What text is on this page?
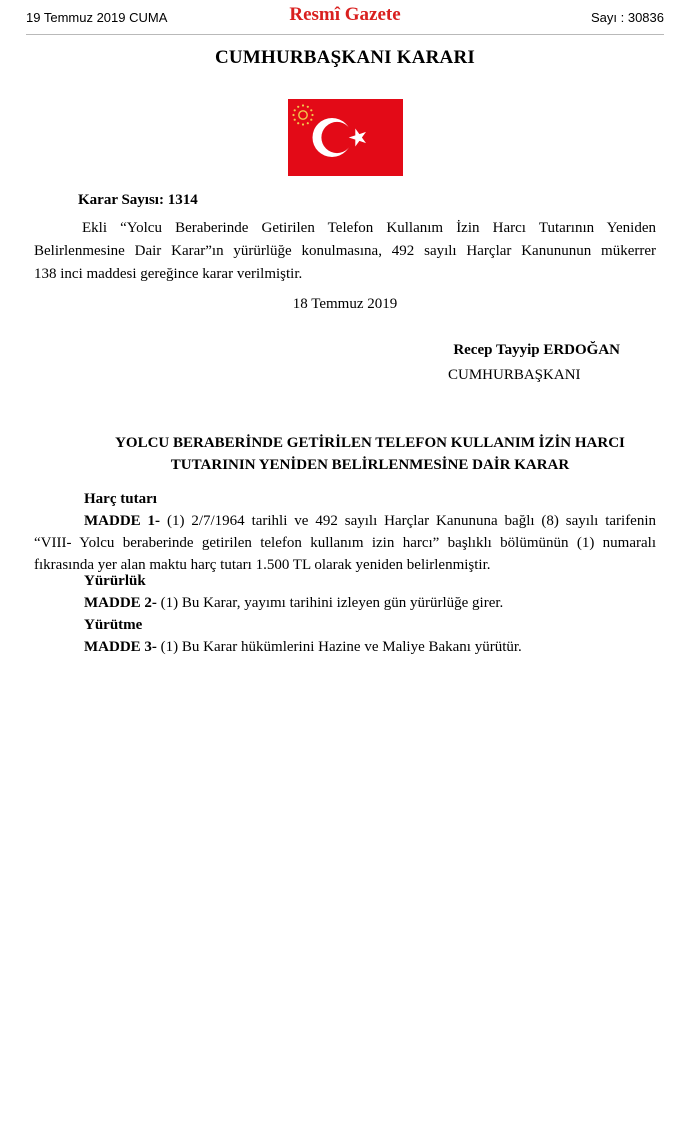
19 Temmuz 2019 CUMA	Resmî Gazete	Sayı : 30836
CUMHURBAŞKANI KARARI
Karar Sayısı: 1314

Ekli “Yolcu Beraberinde Getirilen Telefon Kullanım İzin Harcı Tutarının Yeniden
Belirlenmesine Dair Karar”ın yürürlüğe konulmasına, 492 sayılı Harçlar Kanununun mükerrer
138 inci maddesi gereğince karar verilmiştir.

18 Temmuz 2019
Recep Tayyip ERDOĞAN
CUMHURBAŞKANI
YOLCU BERABERİNDE GETİRİLEN TELEFON KULLANIM İZİN HARCI
TUTARININ YENİDEN BELİRLENMESİNE DAİR KARAR
Harç tutarı
MADDE 1- (1) 2/7/1964 tarihli ve 492 sayılı Harçlar Kanununa bağlı (8) sayılı tarifenin
“VIII- Yolcu beraberinde getirilen telefon kullanım izin harcı” başlıklı bölümünün (1) numaralı
fıkrasında yer alan maktu harç tutarı 1.500 TL olarak yeniden belirlenmiştir.
Yürürlük
MADDE 2- (1) Bu Karar, yayımı tarihini izleyen gün yürürlüğe girer.
Yürütme
MADDE 3- (1) Bu Karar hükümlerini Hazine ve Maliye Bakanı yürütür.
